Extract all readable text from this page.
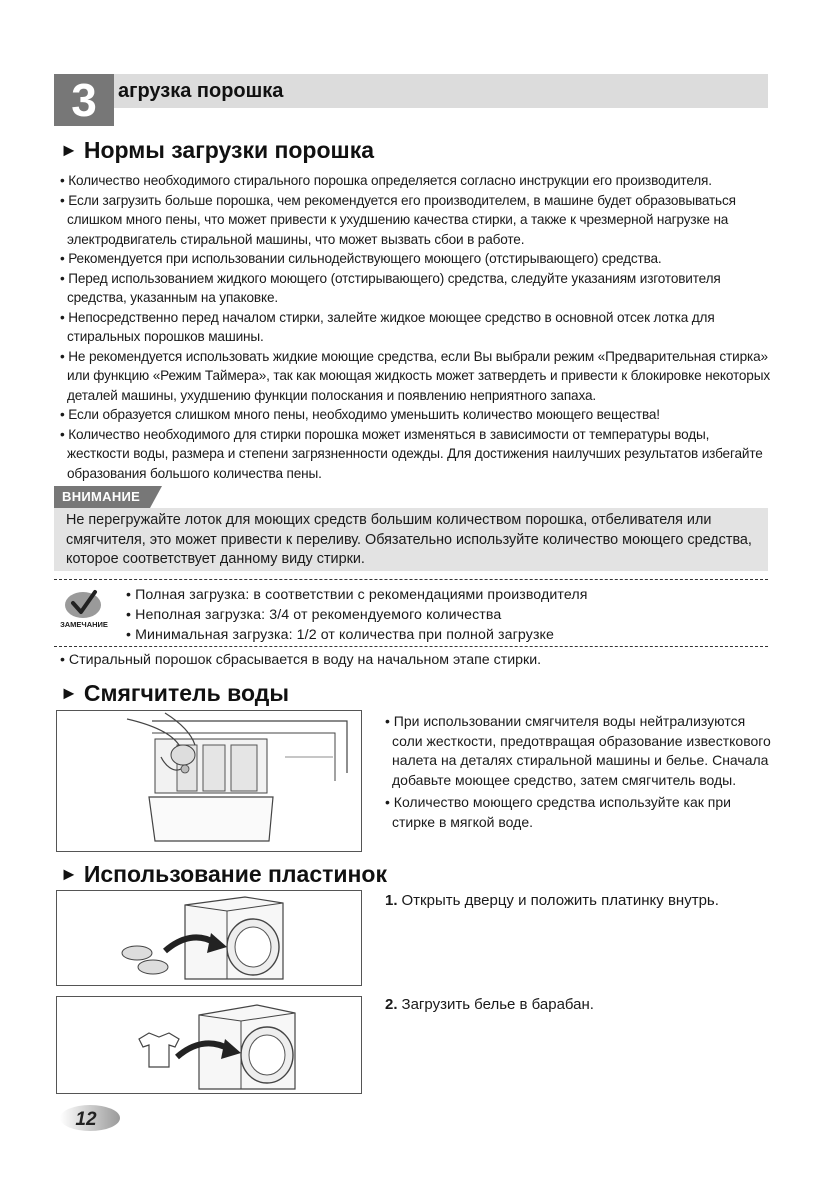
3	агрузка порошка
► Нормы загрузки порошка
• Количество необходимого стирального порошка определяется согласно инструкции его производителя.
• Если загрузить больше порошка, чем рекомендуется его производителем, в машине будет образовываться слишком много пены, что может привести к ухудшению качества стирки, а также к чрезмерной нагрузке на электродвигатель стиральной машины, что может вызвать сбои в работе.
• Рекомендуется при использовании сильнодействующего моющего (отстирывающего) средства.
• Перед использованием жидкого моющего (отстирывающего) средства, следуйте указаниям изготовителя средства, указанным на упаковке.
• Непосредственно перед началом стирки, залейте жидкое моющее средство в основной отсек лотка для стиральных порошков машины.
• Не рекомендуется использовать жидкие моющие средства, если Вы выбрали режим «Предварительная стирка» или функцию «Режим Таймера», так как моющая жидкость может затвердеть и привести к блокировке некоторых деталей машины, ухудшению функции полоскания и появлению неприятного запаха.
• Если образуется слишком много пены, необходимо уменьшить количество моющего вещества!
• Количество необходимого для стирки порошка может изменяться в зависимости от температуры воды, жесткости воды, размера и степени загрязненности одежды. Для достижения наилучших результатов избегайте образования большого количества пены.
ВНИМАНИЕ
Не перегружайте лоток для моющих средств большим количеством порошка, отбеливателя или смягчителя, это может привести к переливу. Обязательно используйте количество моющего средства, которое соответствует данному виду стирки.
ЗАМЕЧАНИЕ
• Полная загрузка: в соответствии с рекомендациями производителя
• Неполная загрузка: 3/4 от рекомендуемого количества
• Минимальная загрузка: 1/2 от количества при полной загрузке
• Стиральный порошок сбрасывается в воду на начальном этапе стирки.
► Смягчитель воды
• При использовании смягчителя воды нейтрализуются соли жесткости, предотвращая образование известкового налета на деталях стиральной машины и белье. Сначала добавьте моющее средство, затем смягчитель воды.
• Количество моющего средства используйте как при стирке в мягкой воде.
► Использование пластинок
1. Открыть дверцу и положить платинку внутрь.
2. Загрузить белье в барабан.
12
